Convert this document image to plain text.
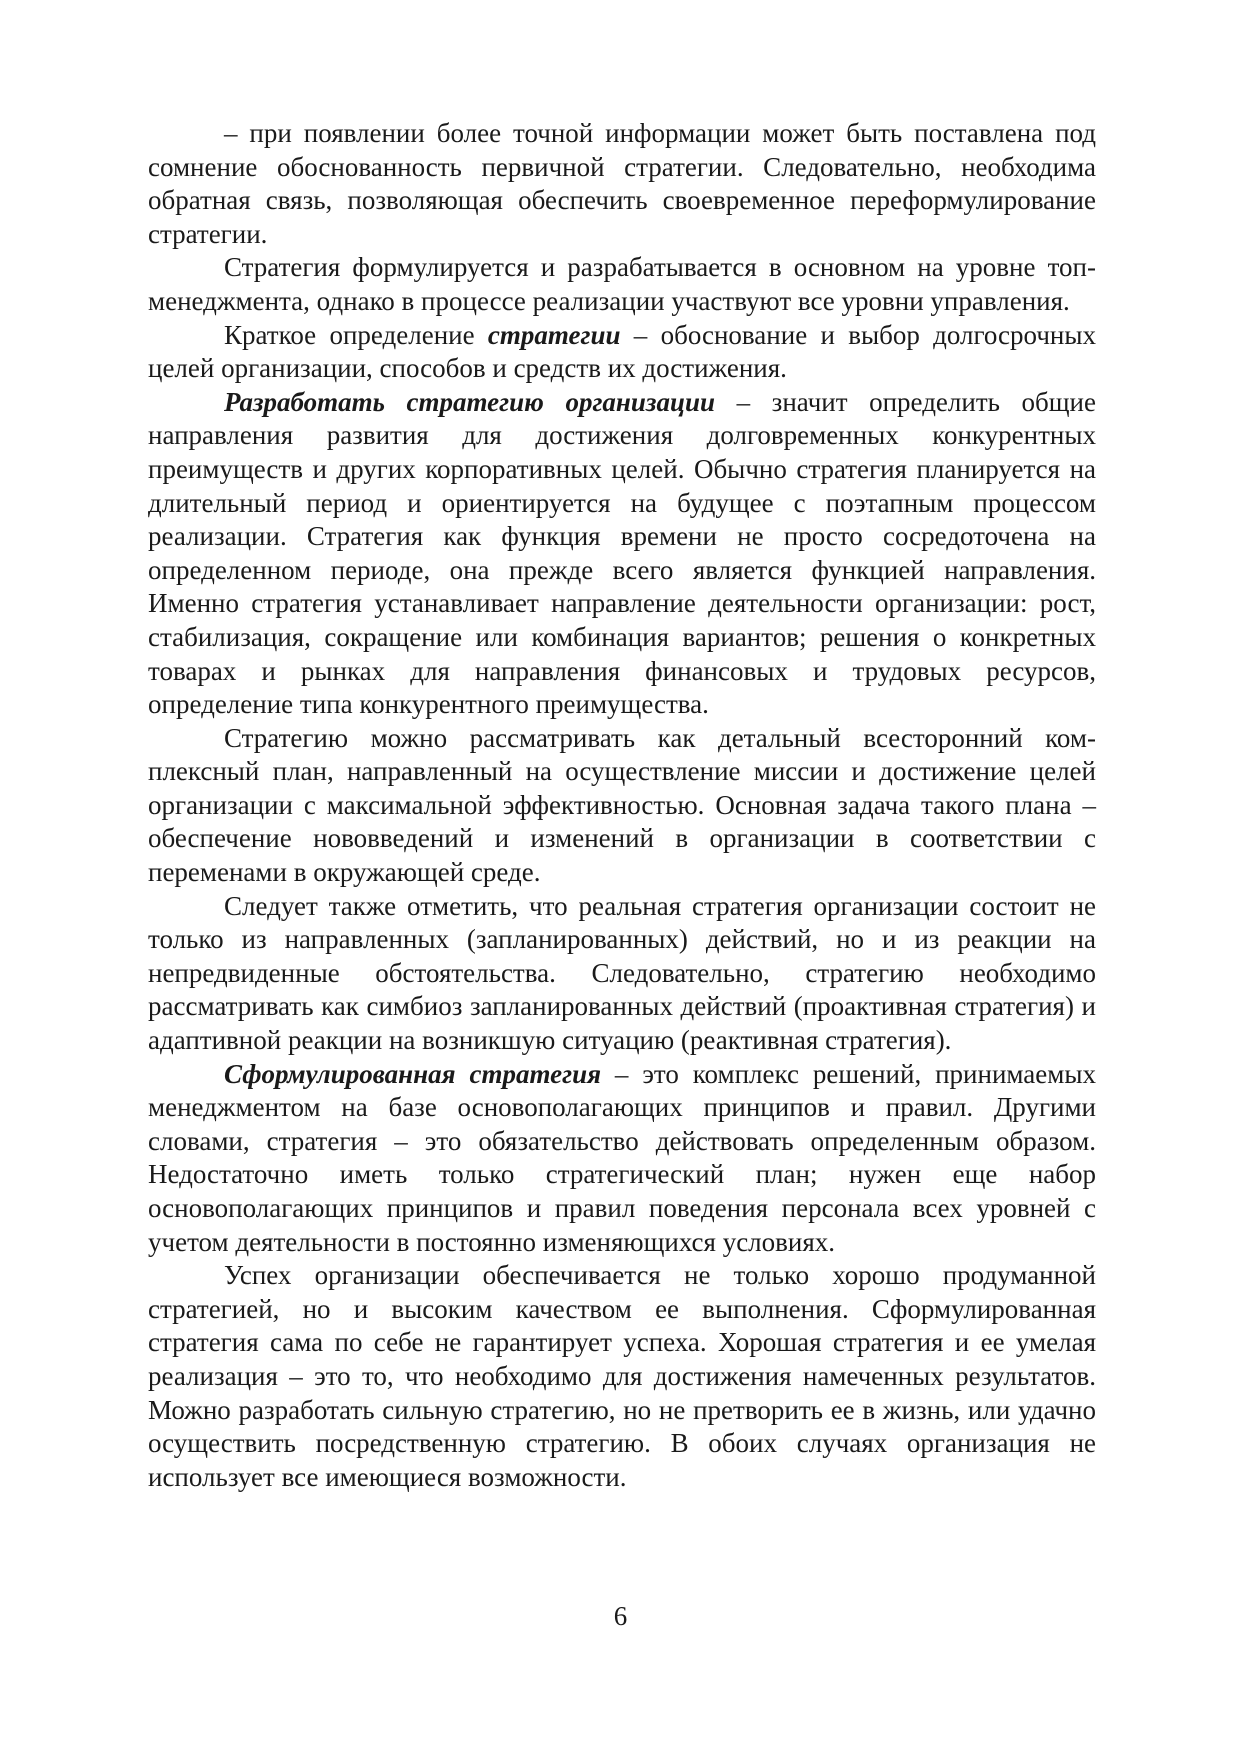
– при появлении более точной информации может быть поставлена под сомнение обоснованность первичной стратегии. Следовательно, необходима обратная связь, позволяющая обеспечить своевременное переформулирование стратегии.

Стратегия формулируется и разрабатывается в основном на уровне топ-менеджмента, однако в процессе реализации участвуют все уровни управления.

Краткое определение стратегии – обоснование и выбор долгосрочных целей организации, способов и средств их достижения.

Разработать стратегию организации – значит определить общие направления развития для достижения долговременных конкурентных преимуществ и других корпоративных целей. Обычно стратегия планируется на длительный период и ориентируется на будущее с поэтапным процессом реализации. Стратегия как функция времени не просто сосредоточена на определенном периоде, она прежде всего является функцией направления. Именно стратегия устанавливает направление деятельности организации: рост, стабилизация, сокращение или комбинация вариантов; решения о конкретных товарах и рынках для направления финансовых и трудовых ресурсов, определение типа конкурентного преимущества.

Стратегию можно рассматривать как детальный всесторонний комплексный план, направленный на осуществление миссии и достижение целей организации с максимальной эффективностью. Основная задача такого плана – обеспечение нововведений и изменений в организации в соответствии с переменами в окружающей среде.

Следует также отметить, что реальная стратегия организации состоит не только из направленных (запланированных) действий, но и из реакции на непредвиденные обстоятельства. Следовательно, стратегию необходимо рассматривать как симбиоз запланированных действий (проактивная стратегия) и адаптивной реакции на возникшую ситуацию (реактивная стратегия).

Сформулированная стратегия – это комплекс решений, принимаемых менеджментом на базе основополагающих принципов и правил. Другими словами, стратегия – это обязательство действовать определенным образом. Недостаточно иметь только стратегический план; нужен еще набор основополагающих принципов и правил поведения персонала всех уровней с учетом деятельности в постоянно изменяющихся условиях.

Успех организации обеспечивается не только хорошо продуманной стратегией, но и высоким качеством ее выполнения. Сформулированная стратегия сама по себе не гарантирует успеха. Хорошая стратегия и ее умелая реализация – это то, что необходимо для достижения намеченных результатов. Можно разработать сильную стратегию, но не претворить ее в жизнь, или удачно осуществить посредственную стратегию. В обоих случаях организация не использует все имеющиеся возможности.

6
